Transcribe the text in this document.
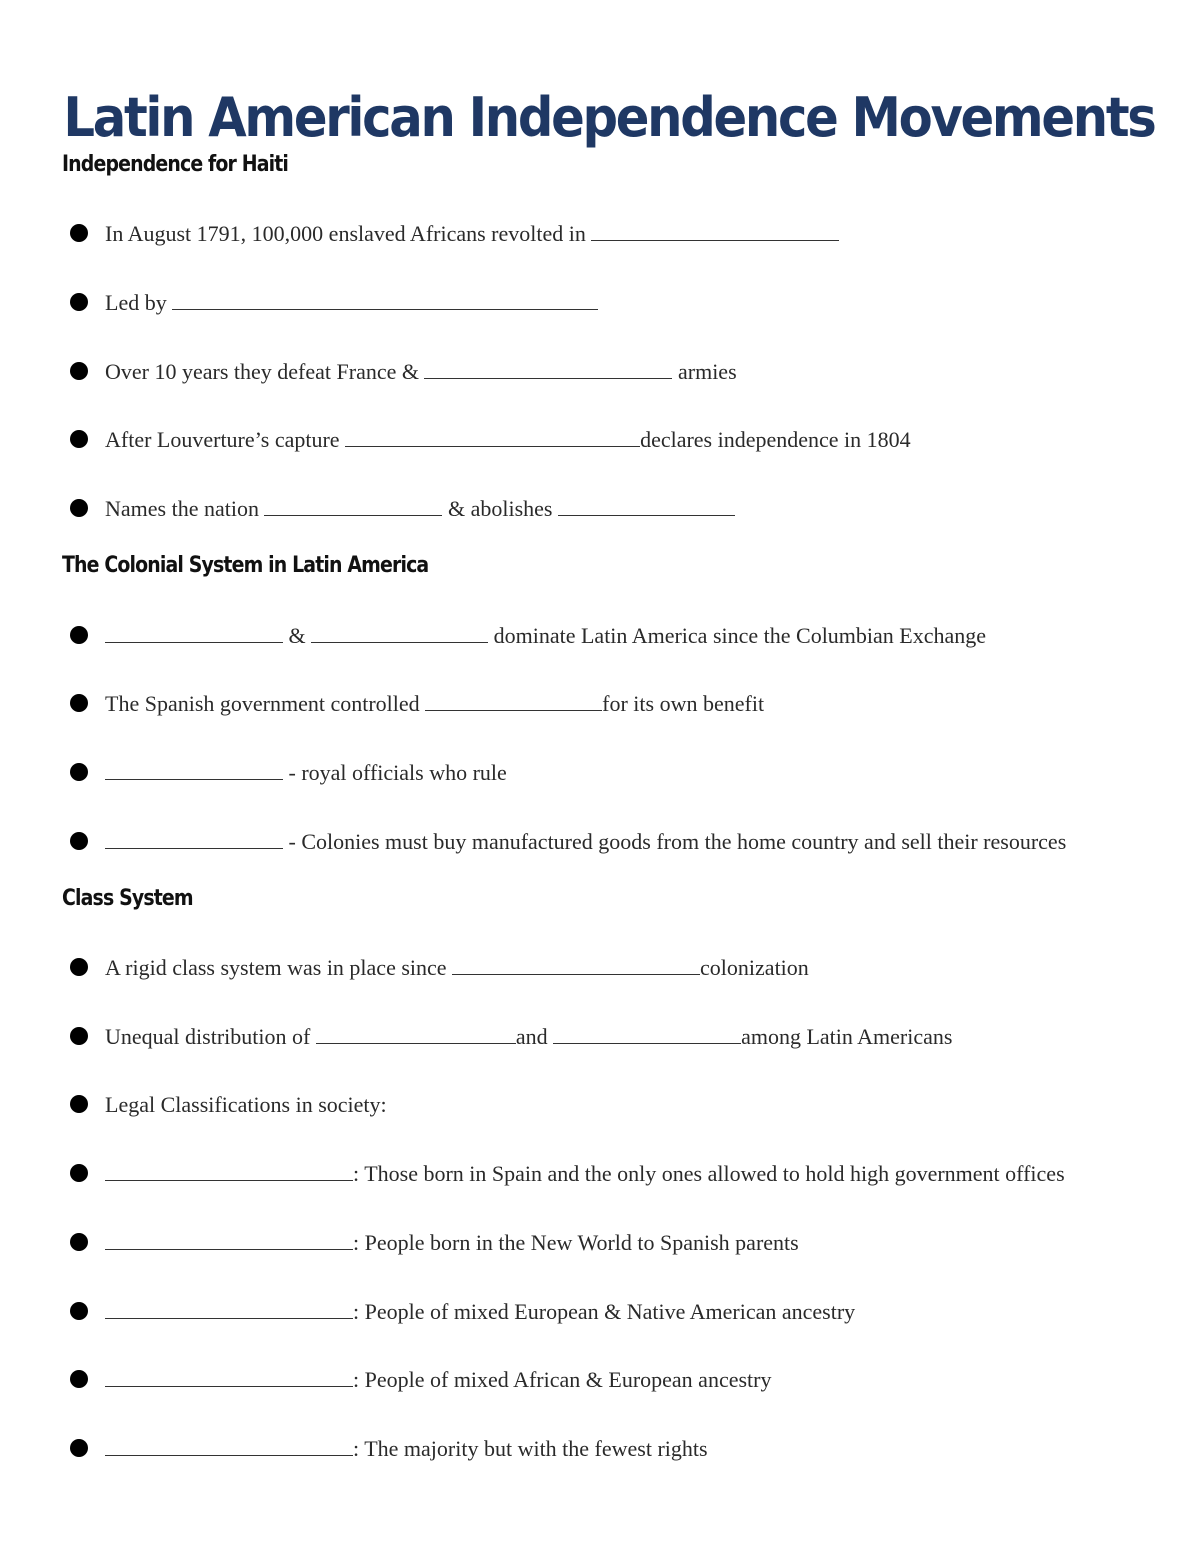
Latin American Independence Movements
Independence for Haiti
In August 1791, 100,000 enslaved Africans revolted in
Led by
Over 10 years they defeat France &	armies
After Louverture’s capture	declares independence in 1804
Names the nation	& abolishes
The Colonial System in Latin America
&	dominate Latin America since the Columbian Exchange
The Spanish government controlled	for its own benefit
- royal officials who rule
- Colonies must buy manufactured goods from the home country and sell their resources
Class System
A rigid class system was in place since	colonization
Unequal distribution of	and	among Latin Americans
Legal Classifications in society:
: Those born in Spain and the only ones allowed to hold high government offices
: People born in the New World to Spanish parents
: People of mixed European & Native American ancestry
: People of mixed African & European ancestry
: The majority but with the fewest rights
